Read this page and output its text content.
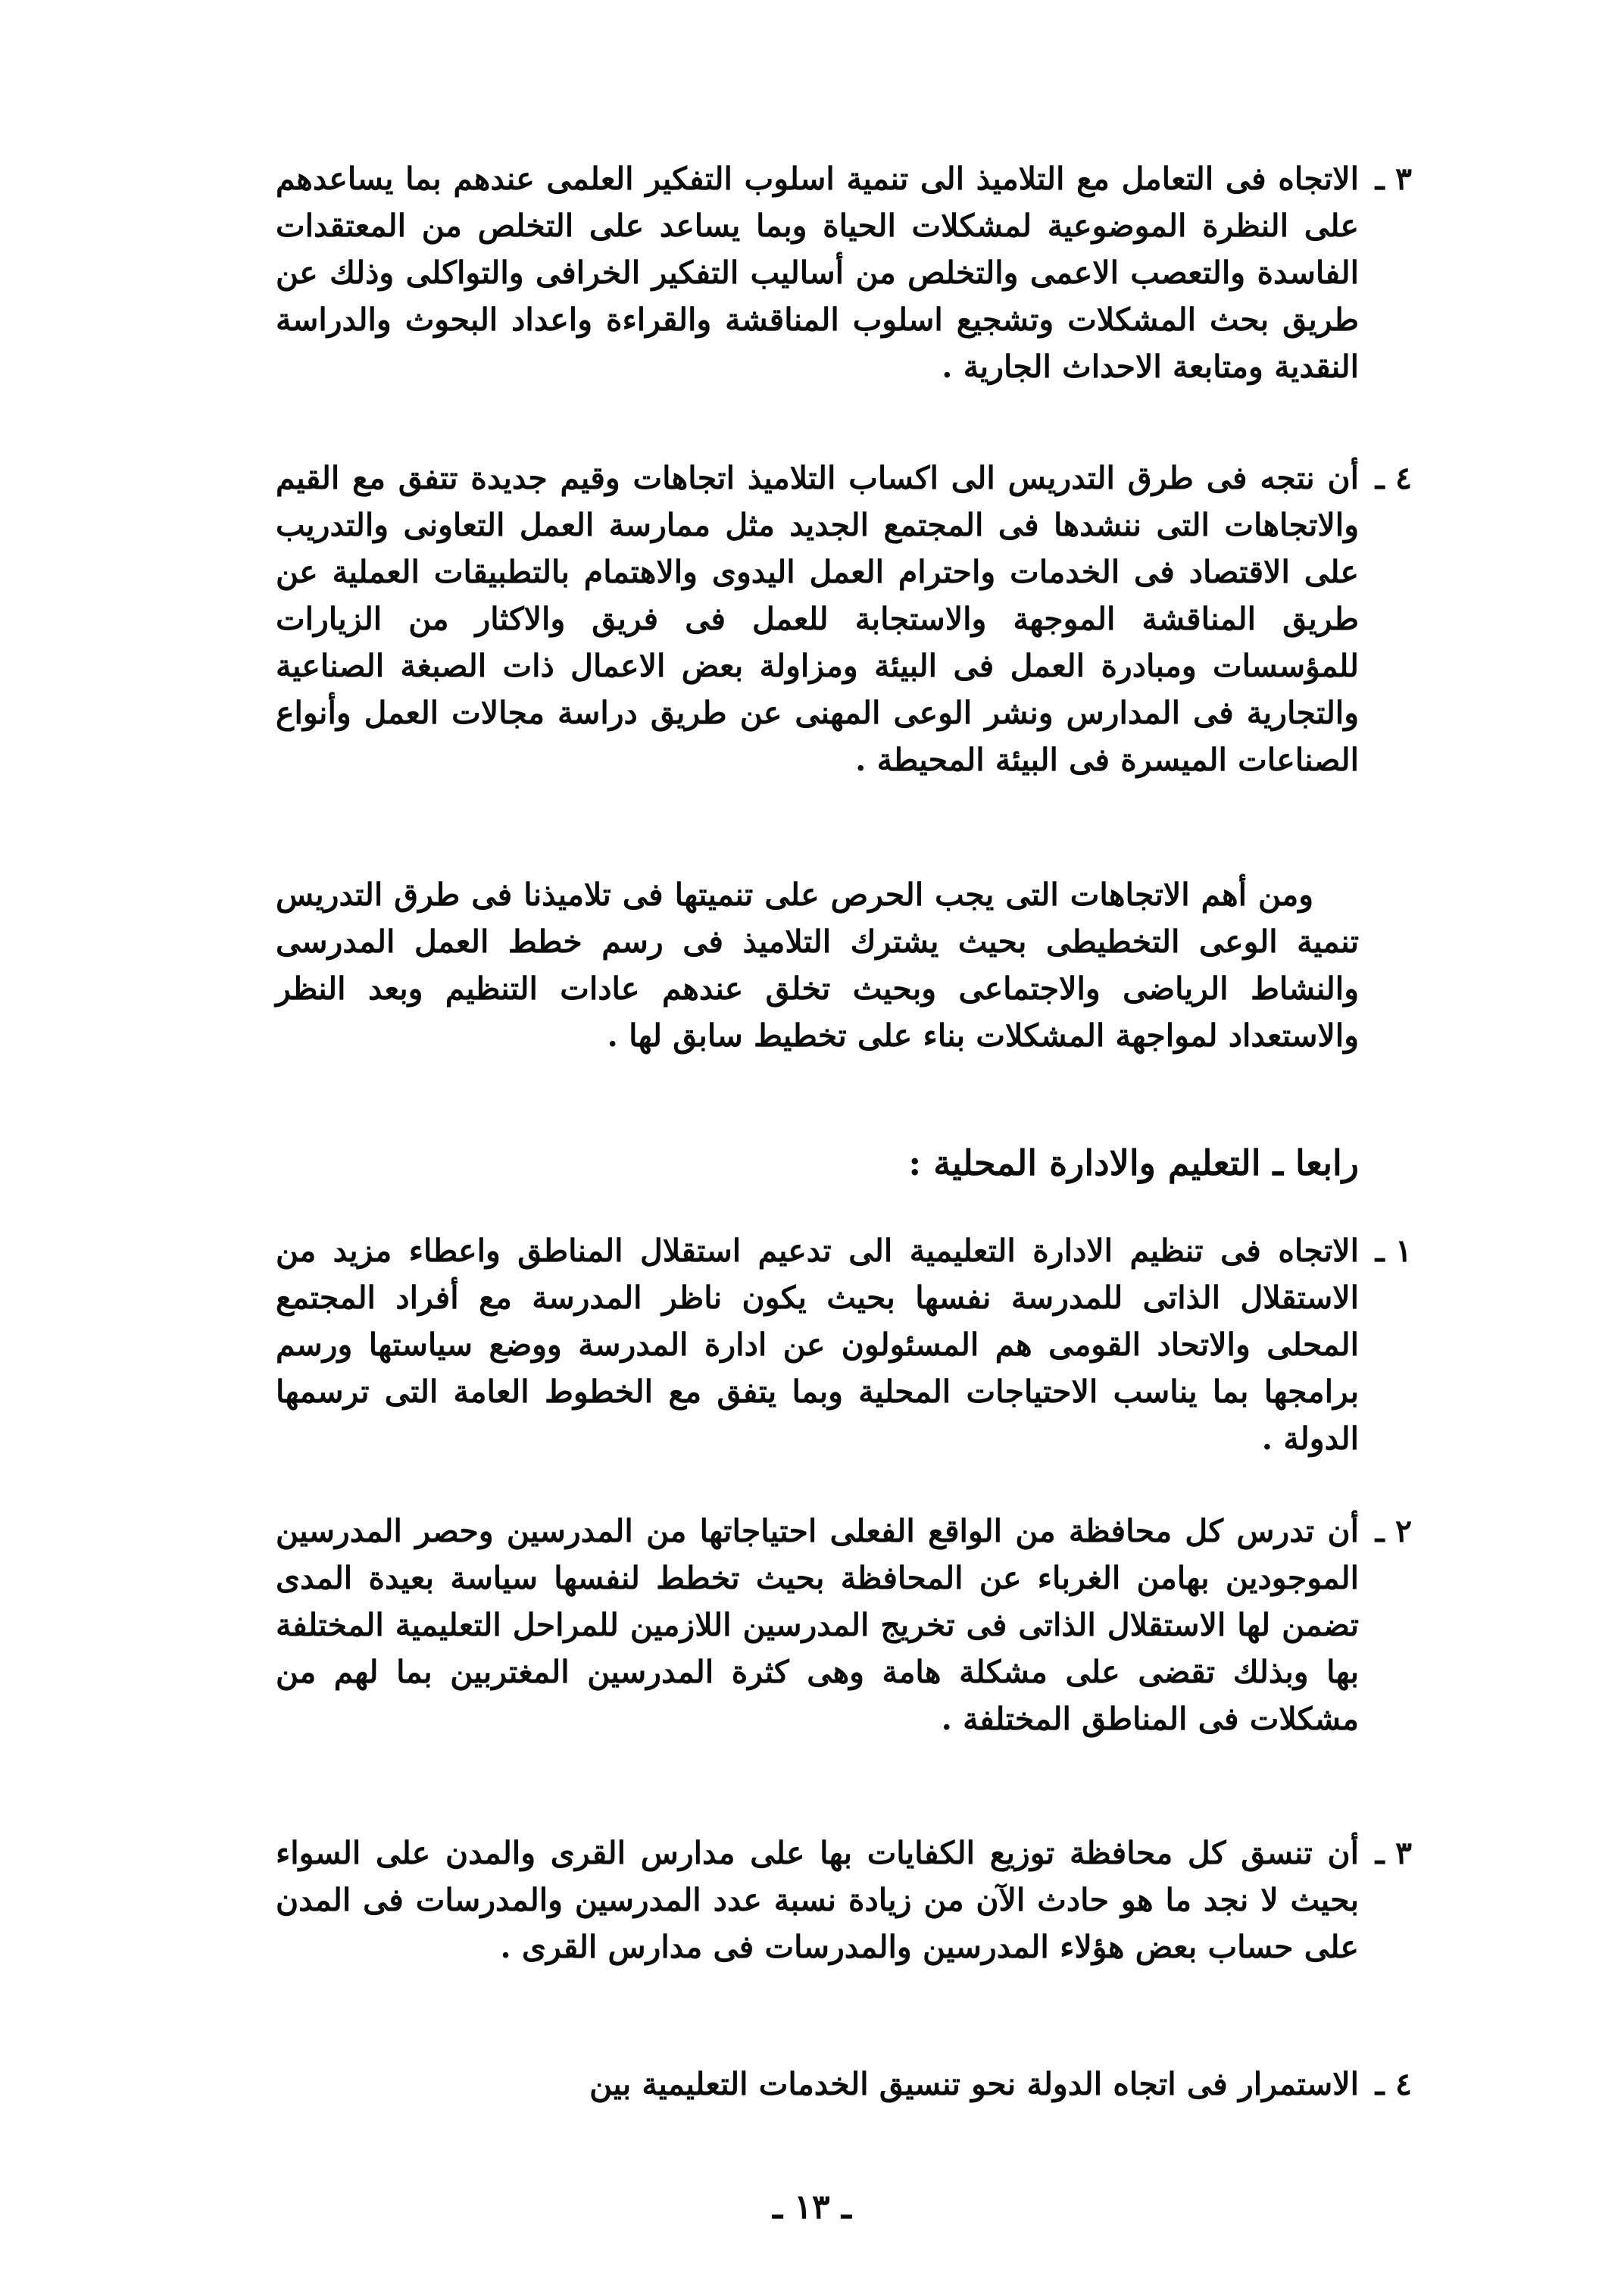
٣ ـ
الاتجاه فى التعامل مع التلاميذ الى تنمية اسلوب التفكير العلمى عندهم بما يساعدهم على النظرة الموضوعية لمشكلات الحياة وبما يساعد على التخلص من المعتقدات الفاسدة والتعصب الاعمى والتخلص من أساليب التفكير الخرافى والتواكلى وذلك عن طريق بحث المشكلات وتشجيع اسلوب المناقشة والقراءة واعداد البحوث والدراسة النقدية ومتابعة الاحداث الجارية .
٤ ـ
أن نتجه فى طرق التدريس الى اكساب التلاميذ اتجاهات وقيم جديدة تتفق مع القيم والاتجاهات التى ننشدها فى المجتمع الجديد مثل ممارسة العمل التعاونى والتدريب على الاقتصاد فى الخدمات واحترام العمل اليدوى والاهتمام بالتطبيقات العملية عن طريق المناقشة الموجهة والاستجابة للعمل فى فريق والاكثار من الزيارات للمؤسسات ومبادرة العمل فى البيئة ومزاولة بعض الاعمال ذات الصبغة الصناعية والتجارية فى المدارس ونشر الوعى المهنى عن طريق دراسة مجالات العمل وأنواع الصناعات الميسرة فى البيئة المحيطة .
ومن أهم الاتجاهات التى يجب الحرص على تنميتها فى تلاميذنا فى طرق التدريس تنمية الوعى التخطيطى بحيث يشترك التلاميذ فى رسم خطط العمل المدرسى والنشاط الرياضى والاجتماعى وبحيث تخلق عندهم عادات التنظيم وبعد النظر والاستعداد لمواجهة المشكلات بناء على تخطيط سابق لها .
رابعا ـ التعليم والادارة المحلية :
١ ـ
الاتجاه فى تنظيم الادارة التعليمية الى تدعيم استقلال المناطق واعطاء مزيد من الاستقلال الذاتى للمدرسة نفسها بحيث يكون ناظر المدرسة مع أفراد المجتمع المحلى والاتحاد القومى هم المسئولون عن ادارة المدرسة ووضع سياستها ورسم برامجها بما يناسب الاحتياجات المحلية وبما يتفق مع الخطوط العامة التى ترسمها الدولة .
٢ ـ
أن تدرس كل محافظة من الواقع الفعلى احتياجاتها من المدرسين وحصر المدرسين الموجودين بهامن الغرباء عن المحافظة بحيث تخطط لنفسها سياسة بعيدة المدى تضمن لها الاستقلال الذاتى فى تخريج المدرسين اللازمين للمراحل التعليمية المختلفة بها وبذلك تقضى على مشكلة هامة وهى كثرة المدرسين المغتربين بما لهم من مشكلات فى المناطق المختلفة .
٣ ـ
أن تنسق كل محافظة توزيع الكفايات بها على مدارس القرى والمدن على السواء بحيث لا نجد ما هو حادث الآن من زيادة نسبة عدد المدرسين والمدرسات فى المدن على حساب بعض هؤلاء المدرسين والمدرسات فى مدارس القرى .
٤ ـ
الاستمرار فى اتجاه الدولة نحو تنسيق الخدمات التعليمية بين
ـ ١٣ ـ
